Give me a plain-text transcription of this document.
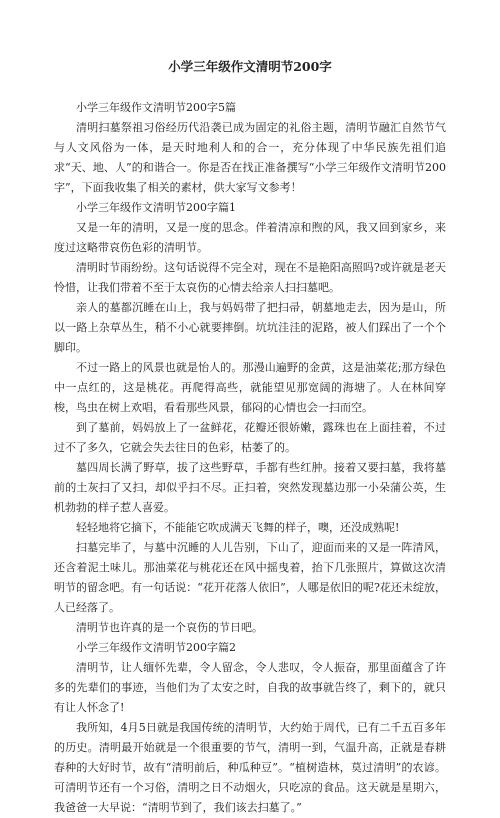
小学三年级作文清明节200字

小学三年级作文清明节200字5篇

清明扫墓祭祖习俗经历代沿袭已成为固定的礼俗主题，清明节融汇自然节气与人文风俗为一体，是天时地利人和的合一，充分体现了中华民族先祖们追求“天、地、人”的和谐合一。你是否在找正准备撰写“小学三年级作文清明节200字”，下面我收集了相关的素材，供大家写文参考！

小学三年级作文清明节200字篇1

又是一年的清明，又是一度的思念。伴着清凉和煦的风，我又回到家乡，来度过这略带哀伤色彩的清明节。

清明时节雨纷纷。这句话说得不完全对，现在不是艳阳高照吗?或许就是老天怜惜，让我们带着不至于太哀伤的心情去给亲人扫扫墓吧。

亲人的墓都沉睡在山上，我与妈妈带了把扫帚，朝墓地走去，因为是山，所以一路上杂草丛生，稍不小心就要摔倒。坑坑洼洼的泥路，被人们踩出了一个个脚印。

不过一路上的风景也就是怡人的。那漫山遍野的金黄，这是油菜花;那方绿色中一点红的，这是桃花。再爬得高些，就能望见那宽阔的海塘了。人在林间穿梭，鸟虫在树上欢唱，看看那些风景，郁闷的心情也会一扫而空。

到了墓前，妈妈放上了一盆鲜花，花瓣还很娇嫩，露珠也在上面挂着，不过过不了多久，它就会失去往日的色彩，枯萎了的。

墓四周长满了野草，拔了这些野草，手都有些红肿。接着又要扫墓，我将墓前的土灰扫了又扫，却似乎扫不尽。正扫着，突然发现墓边那一小朵蒲公英，生机勃勃的样子惹人喜爱。

轻轻地将它摘下，不能能它吹成满天飞舞的样子，噢，还没成熟呢!

扫墓完毕了，与墓中沉睡的人儿告别，下山了，迎面而来的又是一阵清风，还含着泥土味儿。那油菜花与桃花还在风中摇曳着，抬下几张照片，算做这次清明节的留念吧。有一句话说：“花开花落人依旧”，人哪是依旧的呢?花还未绽放，人已经落了。

清明节也许真的是一个哀伤的节日吧。

小学三年级作文清明节200字篇2

清明节，让人缅怀先辈，令人留念，令人悲叹，令人振奋，那里面蕴含了许多的先辈们的事迹，当他们为了太安之时，自我的故事就告终了，剩下的，就只有让人怀念了!

我所知，4月5日就是我国传统的清明节，大约始于周代，已有二千五百多年的历史。清明最开始就是一个很重要的节气，清明一到，气温升高，正就是春耕春种的大好时节，故有“清明前后，种瓜种豆”。“植树造林，莫过清明”的农谚。可清明节还有一个习俗，清明之日不动烟火，只吃凉的食品。这天就是星期六，我爸爸一大早说：“清明节到了，我们该去扫墓了。”
